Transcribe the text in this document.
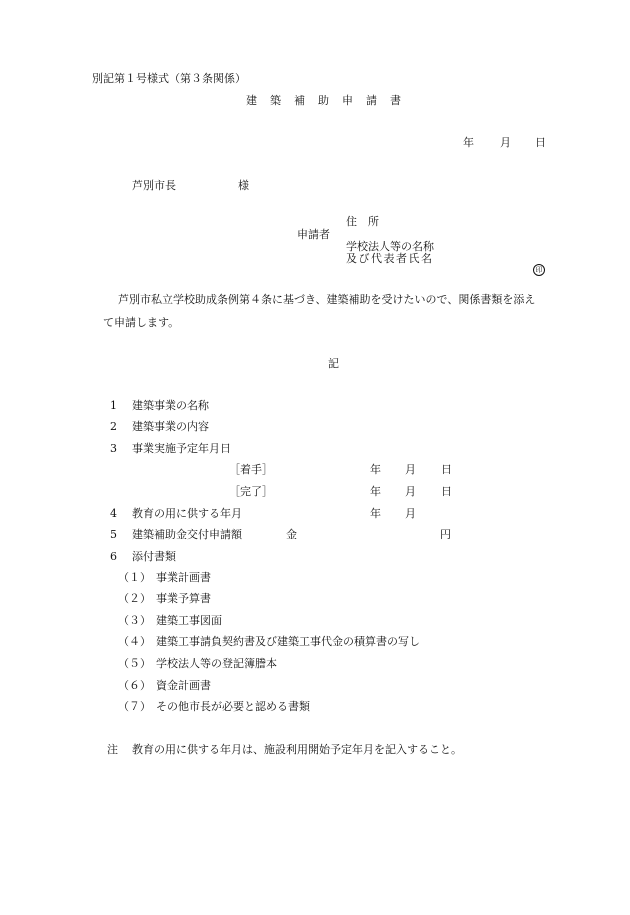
別記第１号様式（第３条関係）
建築補助申請書
年 月 日
芦別市長	様
住　所
申請者
学校法人等の名称
及び代表者氏名
印
芦別市私立学校助成条例第４条に基づき、建築補助を受けたいので、関係書類を添え
て申請します。
記
1 建築事業の名称
2 建築事業の内容
3 事業実施予定年月日
［着手］	年 月 日
［完了］	年 月 日
4 教育の用に供する年月	年 月
5 建築補助金交付申請額	金	円
6 添付書類
（１） 事業計画書
（２） 事業予算書
（３） 建築工事図面
（４） 建築工事請負契約書及び建築工事代金の積算書の写し
（５） 学校法人等の登記簿謄本
（６） 資金計画書
（７） その他市長が必要と認める書類
注 教育の用に供する年月は、施設利用開始予定年月を記入すること。
